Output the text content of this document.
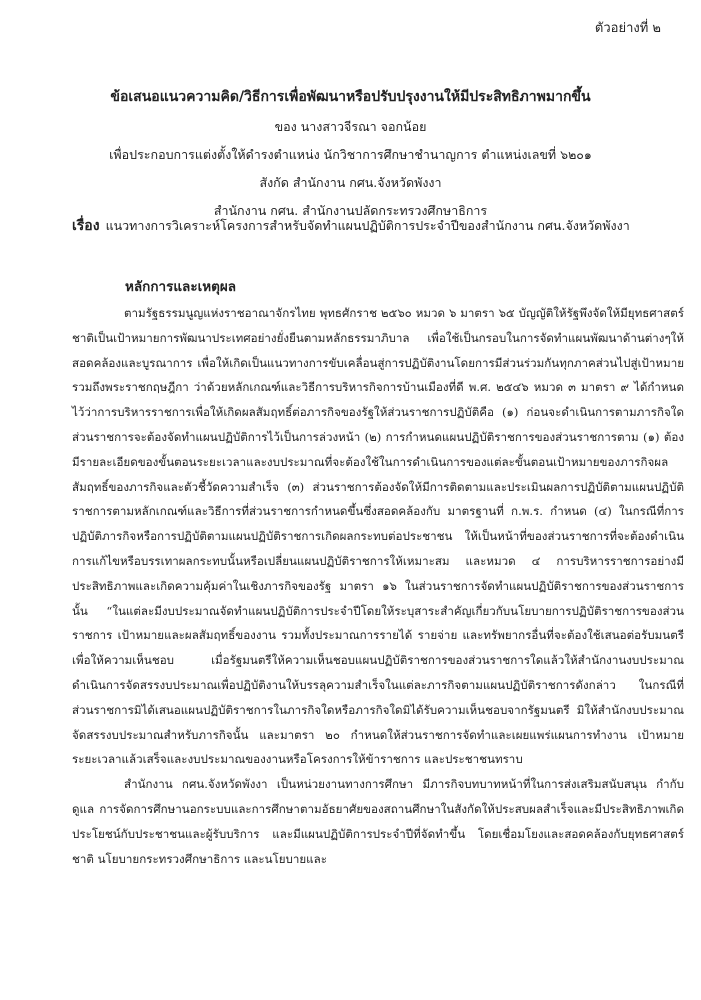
ตัวอย่างที่ ๒
ข้อเสนอแนวความคิด/วิธีการเพื่อพัฒนาหรือปรับปรุงงานให้มีประสิทธิภาพมากขึ้น
ของ นางสาวจีรณา จอกน้อย
เพื่อประกอบการแต่งตั้งให้ดำรงตำแหน่ง นักวิชาการศึกษาชำนาญการ ตำแหน่งเลขที่ ๖๒๐๑
สังกัด สำนักงาน กศน.จังหวัดพังงา
สำนักงาน กศน. สำนักงานปลัดกระทรวงศึกษาธิการ
เรื่อง แนวทางการวิเคราะห์โครงการสำหรับจัดทำแผนปฏิบัติการประจำปีของสำนักงาน กศน.จังหวัดพังงา
หลักการและเหตุผล

ตามรัฐธรรมนูญแห่งราชอาณาจักรไทย พุทธศักราช ๒๕๖๐ หมวด ๖ มาตรา ๖๕ บัญญัติให้รัฐพึงจัดให้มียุทธศาสตร์ชาติเป็นเป้าหมายการพัฒนาประเทศอย่างยั่งยืนตามหลักธรรมาภิบาล เพื่อใช้เป็นกรอบในการจัดทำแผนพัฒนาด้านต่างๆให้สอดคล้องและบูรณาการ เพื่อให้เกิดเป็นแนวทางการขับเคลื่อนสู่การปฏิบัติงานโดยการมีส่วนร่วมกันทุกภาคส่วนไปสู่เป้าหมาย รวมถึงพระราชกฤษฎีกา ว่าด้วยหลักเกณฑ์และวิธีการบริหารกิจการบ้านเมืองที่ดี พ.ศ. ๒๕๔๖ หมวด ๓ มาตรา ๙ ได้กำหนดไว้ว่าการบริหารราชการเพื่อให้เกิดผลสัมฤทธิ์ต่อภารกิจของรัฐให้ส่วนราชการปฏิบัติคือ (๑) ก่อนจะดำเนินการตามภารกิจใดส่วนราชการจะต้องจัดทำแผนปฏิบัติการไว้เป็นการล่วงหน้า (๒) การกำหนดแผนปฏิบัติราชการของส่วนราชการตาม (๑) ต้องมีรายละเอียดของขั้นตอนระยะเวลาและงบประมาณที่จะต้องใช้ในการดำเนินการของแต่ละขั้นตอนเป้าหมายของภารกิจผลสัมฤทธิ์ของภารกิจและตัวชี้วัดความสำเร็จ (๓) ส่วนราชการต้องจัดให้มีการติดตามและประเมินผลการปฏิบัติตามแผนปฏิบัติราชการตามหลักเกณฑ์และวิธีการที่ส่วนราชการกำหนดขึ้นซึ่งสอดคล้องกับ มาตรฐานที่ ก.พ.ร. กำหนด (๔) ในกรณีที่การปฏิบัติภารกิจหรือการปฏิบัติตามแผนปฏิบัติราชการเกิดผลกระทบต่อประชาชน ให้เป็นหน้าที่ของส่วนราชการที่จะต้องดำเนินการแก้ไขหรือบรรเทาผลกระทบนั้นหรือเปลี่ยนแผนปฏิบัติราชการให้เหมาะสม และหมวด ๔ การบริหารราชการอย่างมีประสิทธิภาพและเกิดความคุ้มค่าในเชิงภารกิจของรัฐ มาตรา ๑๖ ในส่วนราชการจัดทำแผนปฏิบัติราชการของส่วนราชการนั้น “ในแต่ละมีงบประมาณจัดทำแผนปฏิบัติการประจำปีโดยให้ระบุสาระสำคัญเกี่ยวกับนโยบายการปฏิบัติราชการของส่วนราชการ เป้าหมายและผลสัมฤทธิ์ของงาน รวมทั้งประมาณการรายได้ รายจ่าย และทรัพยากรอื่นที่จะต้องใช้เสนอต่อรับมนตรีเพื่อให้ความเห็นชอบ เมื่อรัฐมนตรีให้ความเห็นชอบแผนปฏิบัติราชการของส่วนราชการใดแล้วให้สำนักงานงบประมาณดำเนินการจัดสรรงบประมาณเพื่อปฏิบัติงานให้บรรลุความสำเร็จในแต่ละภารกิจตามแผนปฏิบัติราชการดังกล่าว ในกรณีที่ส่วนราชการมิได้เสนอแผนปฏิบัติราชการในภารกิจใดหรือภารกิจใดมิได้รับความเห็นชอบจากรัฐมนตรี มิให้สำนักงบประมาณจัดสรรงบประมาณสำหรับภารกิจนั้น และมาตรา ๒๐ กำหนดให้ส่วนราชการจัดทำและเผยแพร่แผนการทำงาน เป้าหมาย ระยะเวลาแล้วเสร็จและงบประมาณของงานหรือโครงการให้ข้าราชการ และประชาชนทราบ

สำนักงาน กศน.จังหวัดพังงา เป็นหน่วยงานทางการศึกษา มีภารกิจบทบาทหน้าที่ในการส่งเสริมสนับสนุน กำกับ ดูแล การจัดการศึกษานอกระบบและการศึกษาตามอัธยาศัยของสถานศึกษาในสังกัดให้ประสบผลสำเร็จและมีประสิทธิภาพเกิดประโยชน์กับประชาชนและผู้รับบริการ และมีแผนปฏิบัติการประจำปีที่จัดทำขึ้น โดยเชื่อมโยงและสอดคล้องกับยุทธศาสตร์ชาติ นโยบายกระทรวงศึกษาธิการ และนโยบายและ
